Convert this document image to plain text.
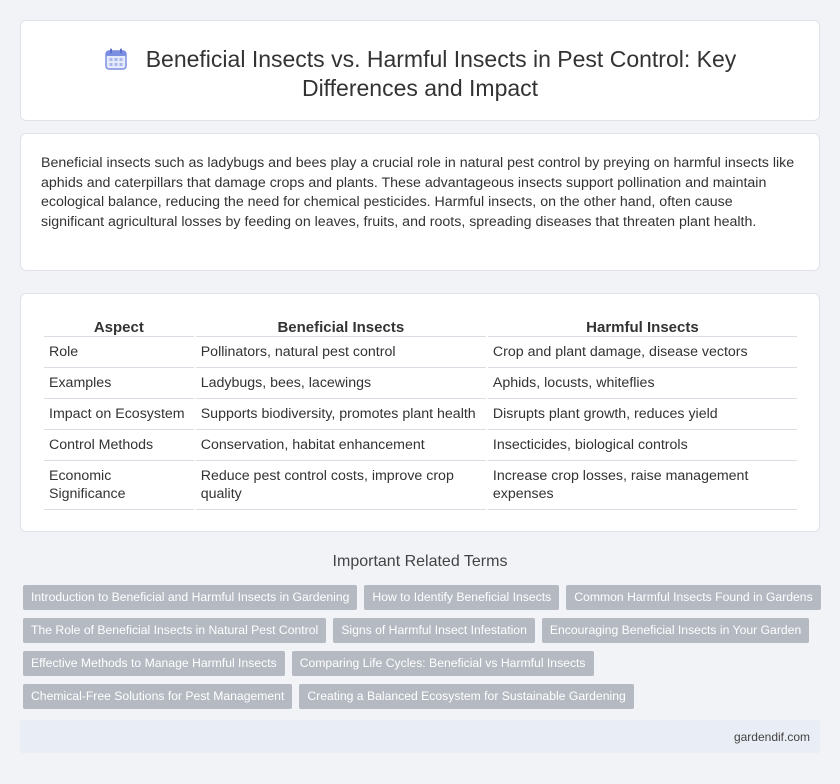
Beneficial Insects vs. Harmful Insects in Pest Control: Key Differences and Impact

Beneficial insects such as ladybugs and bees play a crucial role in natural pest control by preying on harmful insects like aphids and caterpillars that damage crops and plants. These advantageous insects support pollination and maintain ecological balance, reducing the need for chemical pesticides. Harmful insects, on the other hand, often cause significant agricultural losses by feeding on leaves, fruits, and roots, spreading diseases that threaten plant health.

Aspect	Beneficial Insects	Harmful Insects
Role	Pollinators, natural pest control	Crop and plant damage, disease vectors
Examples	Ladybugs, bees, lacewings	Aphids, locusts, whiteflies
Impact on Ecosystem	Supports biodiversity, promotes plant health	Disrupts plant growth, reduces yield
Control Methods	Conservation, habitat enhancement	Insecticides, biological controls
Economic Significance	Reduce pest control costs, improve crop quality	Increase crop losses, raise management expenses
Important Related Terms
Introduction to Beneficial and Harmful Insects in Gardening	How to Identify Beneficial Insects	Common Harmful Insects Found in Gardens
The Role of Beneficial Insects in Natural Pest Control	Signs of Harmful Insect Infestation	Encouraging Beneficial Insects in Your Garden
Effective Methods to Manage Harmful Insects	Comparing Life Cycles: Beneficial vs Harmful Insects
Chemical-Free Solutions for Pest Management	Creating a Balanced Ecosystem for Sustainable Gardening
gardendif.com
